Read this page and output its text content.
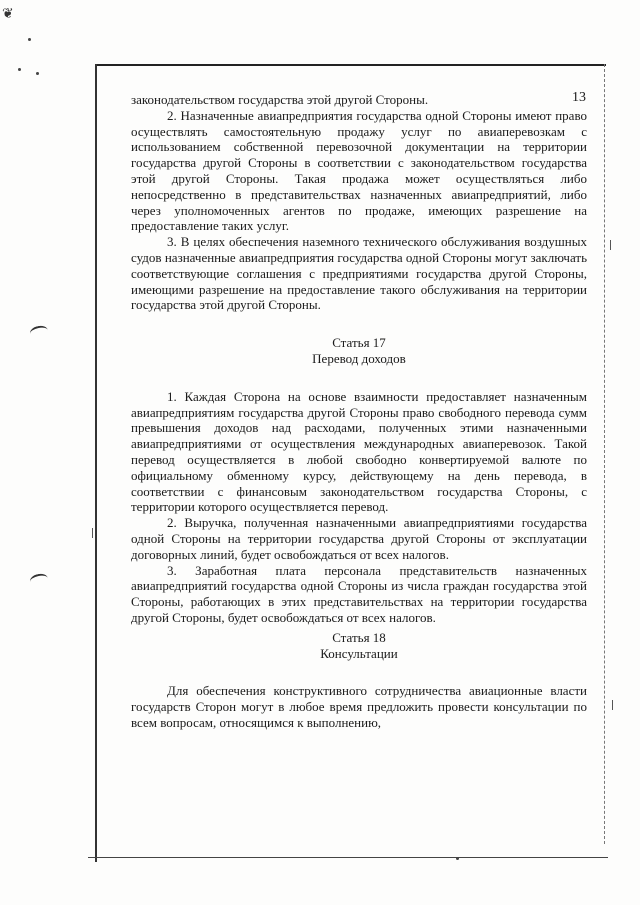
❦
13

законодательством государства этой другой Стороны.

2. Назначенные авиапредприятия государства одной Стороны имеют право осуществлять самостоятельную продажу услуг по авиаперевозкам с использованием собственной перевозочной документации на территории государства другой Стороны в соответствии с законодательством государства этой другой Стороны. Такая продажа может осуществляться либо непосредственно в представительствах назначенных авиапредприятий, либо через уполномоченных агентов по продаже, имеющих разрешение на предоставление таких услуг.

3. В целях обеспечения наземного технического обслуживания воздушных судов назначенные авиапредприятия государства одной Стороны могут заключать соответствующие соглашения с предприятиями государства другой Стороны, имеющими разрешение на предоставление такого обслуживания на территории государства этой другой Стороны.

Статья 17

Перевод доходов

1. Каждая Сторона на основе взаимности предоставляет назначенным авиапредприятиям государства другой Стороны право свободного перевода сумм превышения доходов над расходами, полученных этими назначенными авиапредприятиями от осуществления международных авиаперевозок. Такой перевод осуществляется в любой свободно конвертируемой валюте по официальному обменному курсу, действующему на день перевода, в соответствии с финансовым законодательством государства Стороны, с территории которого осуществляется перевод.

2. Выручка, полученная назначенными авиапредприятиями государства одной Стороны на территории государства другой Стороны от эксплуатации договорных линий, будет освобождаться от всех налогов.

3. Заработная плата персонала представительств назначенных авиапредприятий государства одной Стороны из числа граждан государства этой Стороны, работающих в этих представительствах на территории государства другой Стороны, будет освобождаться от всех налогов.

Статья 18

Консультации

Для обеспечения конструктивного сотрудничества авиационные власти государств Сторон могут в любое время предложить провести консультации по всем вопросам, относящимся к выполнению,
